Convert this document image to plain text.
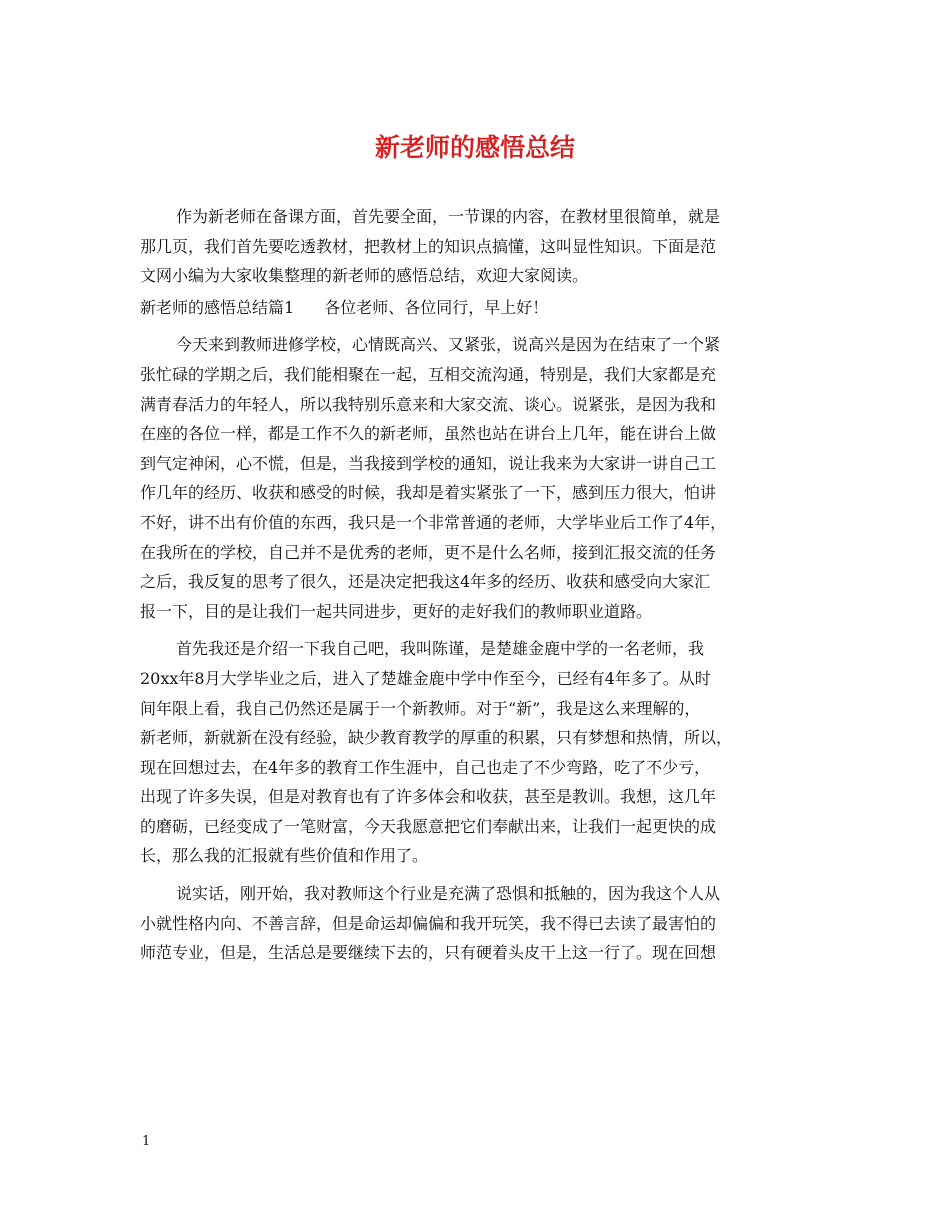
新老师的感悟总结
作为新老师在备课方面，首先要全面，一节课的内容，在教材里很简单，就是
那几页，我们首先要吃透教材，把教材上的知识点搞懂，这叫显性知识。下面是范
文网小编为大家收集整理的新老师的感悟总结，欢迎大家阅读。
新老师的感悟总结篇1 各位老师、各位同行，早上好！
今天来到教师进修学校，心情既高兴、又紧张，说高兴是因为在结束了一个紧
张忙碌的学期之后，我们能相聚在一起，互相交流沟通，特别是，我们大家都是充
满青春活力的年轻人，所以我特别乐意来和大家交流、谈心。说紧张，是因为我和
在座的各位一样，都是工作不久的新老师，虽然也站在讲台上几年，能在讲台上做
到气定神闲，心不慌，但是，当我接到学校的通知，说让我来为大家讲一讲自己工
作几年的经历、收获和感受的时候，我却是着实紧张了一下，感到压力很大，怕讲
不好，讲不出有价值的东西，我只是一个非常普通的老师，大学毕业后工作了4年，
在我所在的学校，自己并不是优秀的老师，更不是什么名师，接到汇报交流的任务
之后，我反复的思考了很久，还是决定把我这4年多的经历、收获和感受向大家汇
报一下，目的是让我们一起共同进步，更好的走好我们的教师职业道路。
首先我还是介绍一下我自己吧，我叫陈谨，是楚雄金鹿中学的一名老师，我
20xx年8月大学毕业之后，进入了楚雄金鹿中学中作至今，已经有4年多了。从时
间年限上看，我自己仍然还是属于一个新教师。对于“新”，我是这么来理解的，
新老师，新就新在没有经验，缺少教育教学的厚重的积累，只有梦想和热情，所以，
现在回想过去，在4年多的教育工作生涯中，自己也走了不少弯路，吃了不少亏，
出现了许多失误，但是对教育也有了许多体会和收获，甚至是教训。我想，这几年
的磨砺，已经变成了一笔财富，今天我愿意把它们奉献出来，让我们一起更快的成
长，那么我的汇报就有些价值和作用了。
说实话，刚开始，我对教师这个行业是充满了恐惧和抵触的，因为我这个人从
小就性格内向、不善言辞，但是命运却偏偏和我开玩笑，我不得已去读了最害怕的
师范专业，但是，生活总是要继续下去的，只有硬着头皮干上这一行了。现在回想
1
